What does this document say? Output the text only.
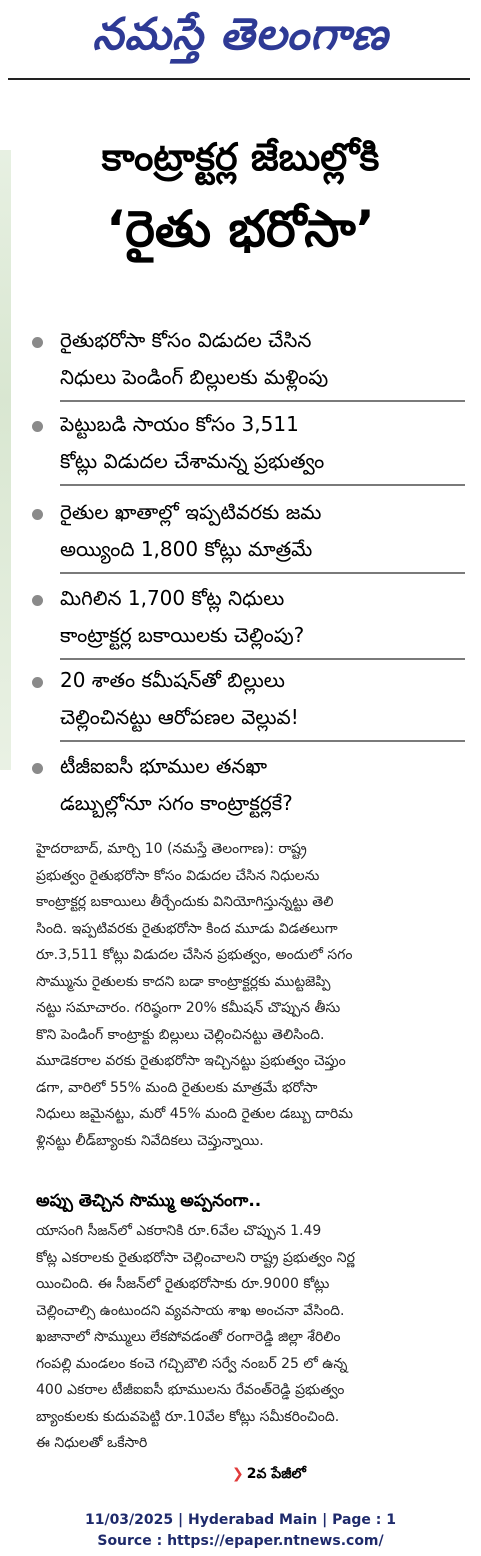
నమస్తే తెలంగాణ
కాంట్రాక్టర్ల జేబుల్లోకి
‘రైతు భరోసా’
రైతుభరోసా కోసం విడుదల చేసిన
నిధులు పెండింగ్ బిల్లులకు మళ్లింపు
పెట్టుబడి సాయం కోసం 3,511
కోట్లు విడుదల చేశామన్న ప్రభుత్వం
రైతుల ఖాతాల్లో ఇప్పటివరకు జమ
అయ్యింది 1,800 కోట్లు మాత్రమే
మిగిలిన 1,700 కోట్ల నిధులు
కాంట్రాక్టర్ల బకాయిలకు చెల్లింపు?
20 శాతం కమీషన్‌తో బిల్లులు
చెల్లించినట్టు ఆరోపణల వెల్లువ!
టీజీఐఐసీ భూముల తనఖా
డబ్బుల్లోనూ సగం కాంట్రాక్టర్లకే?
హైదరాబాద్, మార్చి 10 (నమస్తే తెలంగాణ): రాష్ట్ర
ప్రభుత్వం రైతుభరోసా కోసం విడుదల చేసిన నిధులను
కాంట్రాక్టర్ల బకాయిలు తీర్చేందుకు వినియోగిస్తున్నట్టు తెలి
సింది. ఇప్పటివరకు రైతుభరోసా కింద మూడు విడతలుగా
రూ.3,511 కోట్లు విడుదల చేసిన ప్రభుత్వం, అందులో సగం
సొమ్మును రైతులకు కాదని బడా కాంట్రాక్టర్లకు ముట్టజెప్పి
నట్టు సమాచారం. గరిష్ఠంగా 20% కమీషన్ చొప్పున తీసు
కొని పెండింగ్ కాంట్రాక్టు బిల్లులు చెల్లించినట్టు తెలిసింది.
మూడెకరాల వరకు రైతుభరోసా ఇచ్చినట్టు ప్రభుత్వం చెప్తుం
డగా, వారిలో 55% మంది రైతులకు మాత్రమే భరోసా
నిధులు జమైనట్టు, మరో 45% మంది రైతుల డబ్బు దారిమ
ళ్లినట్టు లీడ్‌బ్యాంకు నివేదికలు చెప్తున్నాయి.
అప్పు తెచ్చిన సొమ్ము అప్పనంగా..
యాసంగి సీజన్‌లో ఎకరానికి రూ.6వేల చొప్పున 1.49
కోట్ల ఎకరాలకు రైతుభరోసా చెల్లించాలని రాష్ట్ర ప్రభుత్వం నిర్ణ
యించింది. ఈ సీజన్‌లో రైతుభరోసాకు రూ.9000 కోట్లు
చెల్లించాల్సి ఉంటుందని వ్యవసాయ శాఖ అంచనా వేసింది.
ఖజానాలో సొమ్ములు లేకపోవడంతో రంగారెడ్డి జిల్లా శేరిలిం
గంపల్లి మండలం కంచె గచ్చిబౌలి సర్వే నంబర్ 25 లో ఉన్న
400 ఎకరాల టీజీఐఐసీ భూములను రేవంత్‌రెడ్డి ప్రభుత్వం
బ్యాంకులకు కుదువపెట్టి రూ.10వేల కోట్లు సమీకరించింది.
ఈ నిధులతో ఒకేసారి
❯ 2వ పేజీలో
11/03/2025 | Hyderabad Main | Page : 1
Source : https://epaper.ntnews.com/
